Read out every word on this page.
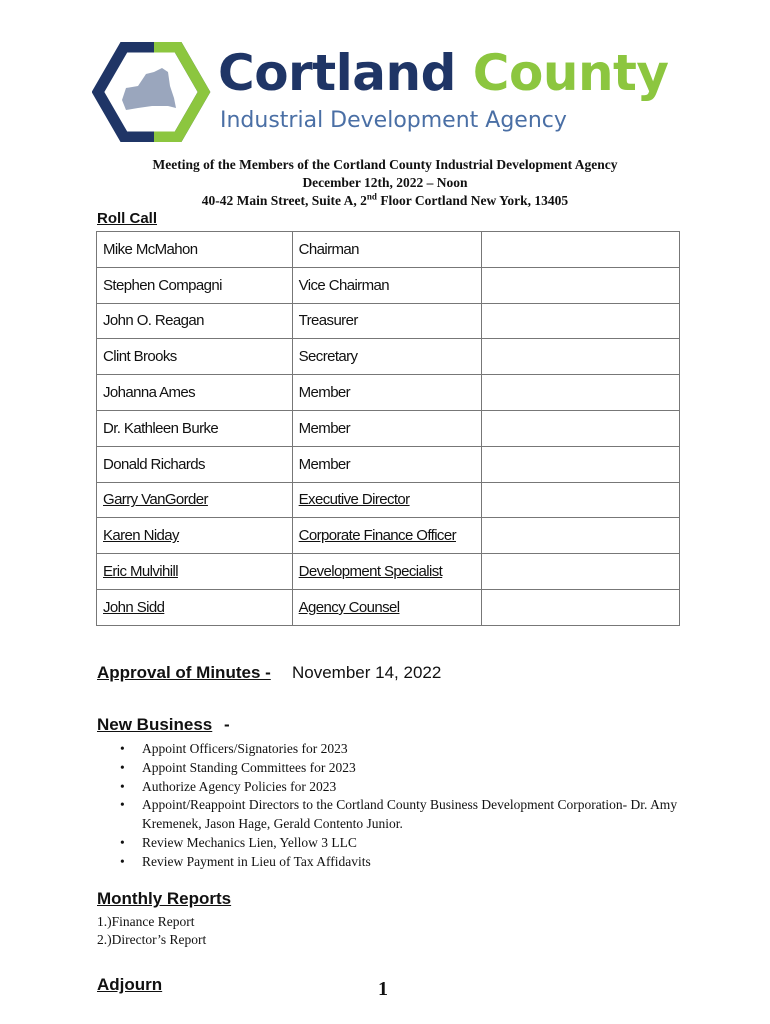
Cortland County
Industrial Development Agency
Meeting of the Members of the Cortland County Industrial Development Agency
December 12th, 2022 – Noon
40-42 Main Street, Suite A, 2nd Floor Cortland New York, 13405
Roll Call
Mike McMahon	Chairman	
Stephen Compagni	Vice Chairman	
John O. Reagan	Treasurer	
Clint Brooks	Secretary	
Johanna Ames	Member	
Dr. Kathleen Burke	Member	
Donald Richards	Member	
Garry VanGorder	Executive Director	
Karen Niday	Corporate Finance Officer	
Eric Mulvihill	Development Specialist	
John Sidd	Agency Counsel	
Approval of Minutes - November 14, 2022
New Business -
• Appoint Officers/Signatories for 2023
• Appoint Standing Committees for 2023
• Authorize Agency Policies for 2023
• Appoint/Reappoint Directors to the Cortland County Business Development Corporation- Dr. Amy Kremenek, Jason Hage, Gerald Contento Junior.
• Review Mechanics Lien, Yellow 3 LLC
• Review Payment in Lieu of Tax Affidavits
Monthly Reports
1.)Finance Report
2.)Director’s Report
Adjourn	1
